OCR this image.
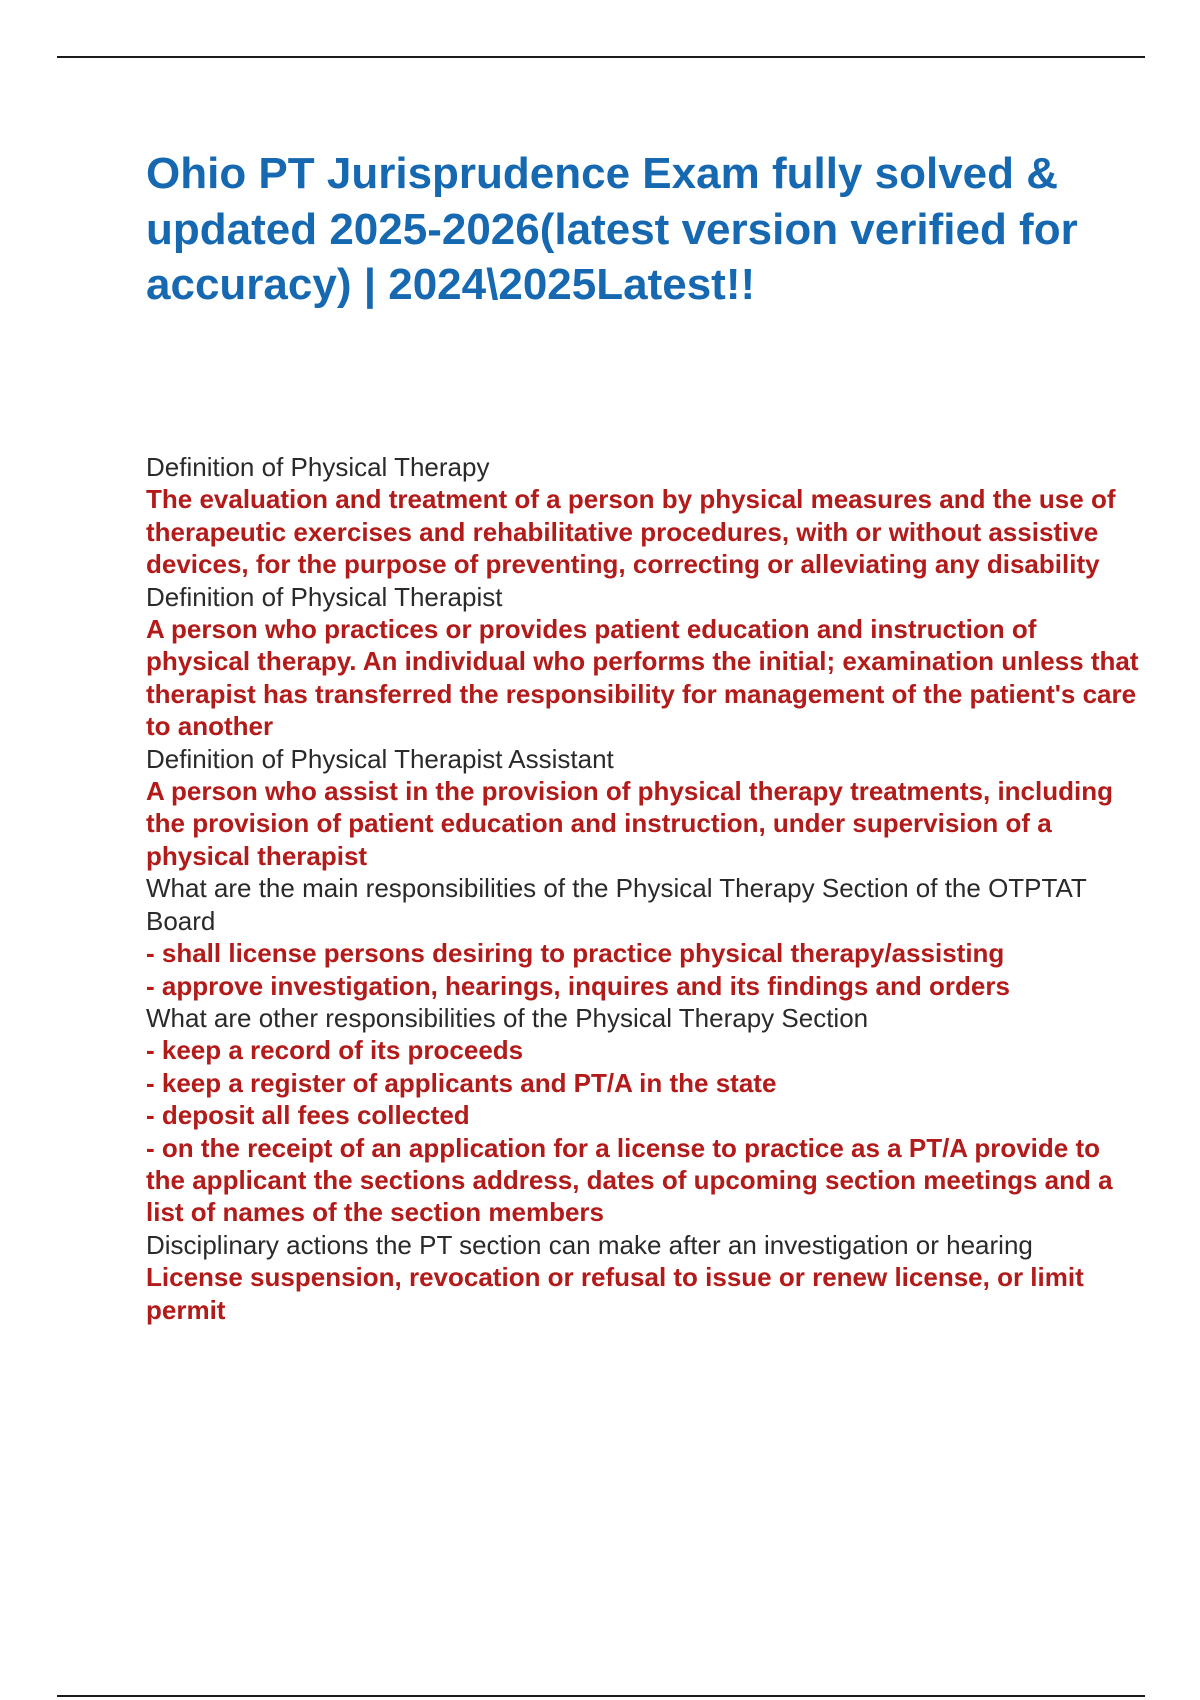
Ohio PT Jurisprudence Exam fully solved & updated 2025-2026(latest version verified for accuracy) | 2024\2025Latest!!
Definition of Physical Therapy
The evaluation and treatment of a person by physical measures and the use of therapeutic exercises and rehabilitative procedures, with or without assistive devices, for the purpose of preventing, correcting or alleviating any disability
Definition of Physical Therapist
A person who practices or provides patient education and instruction of physical therapy. An individual who performs the initial; examination unless that therapist has transferred the responsibility for management of the patient's care to another
Definition of Physical Therapist Assistant
A person who assist in the provision of physical therapy treatments, including the provision of patient education and instruction, under supervision of a physical therapist
What are the main responsibilities of the Physical Therapy Section of the OTPTAT Board
- shall license persons desiring to practice physical therapy/assisting
- approve investigation, hearings, inquires and its findings and orders
What are other responsibilities of the Physical Therapy Section
- keep a record of its proceeds
- keep a register of applicants and PT/A in the state
- deposit all fees collected
- on the receipt of an application for a license to practice as a PT/A provide to the applicant the sections address, dates of upcoming section meetings and a list of names of the section members
Disciplinary actions the PT section can make after an investigation or hearing
License suspension, revocation or refusal to issue or renew license, or limit permit
